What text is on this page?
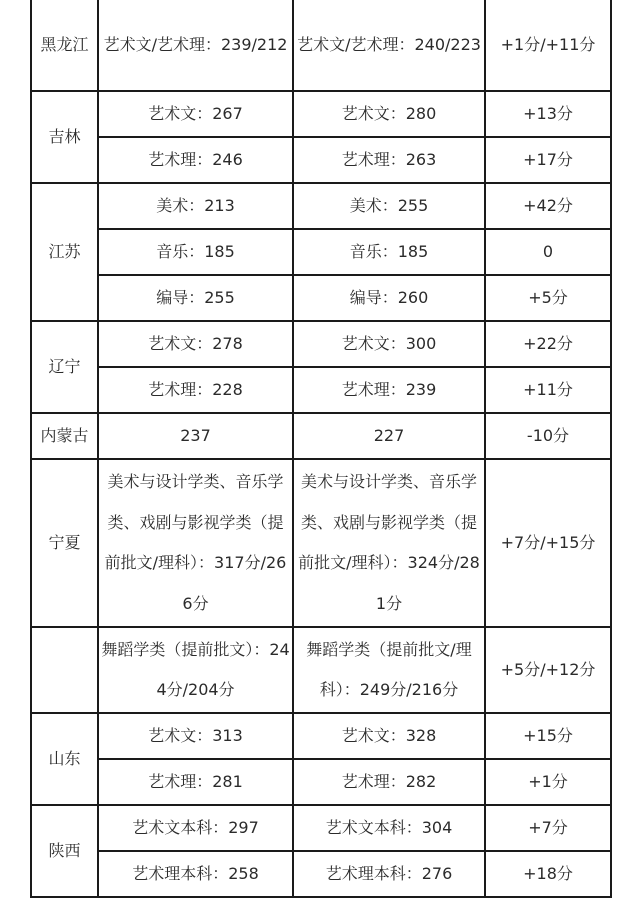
黑龙江	艺术文/艺术理：239/212	艺术文/艺术理：240/223	+1分/+11分
吉林	艺术文：267	艺术文：280	+13分
	艺术理：246	艺术理：263	+17分
江苏	美术：213	美术：255	+42分
	音乐：185	音乐：185	0
	编导：255	编导：260	+5分
辽宁	艺术文：278	艺术文：300	+22分
	艺术理：228	艺术理：239	+11分
内蒙古	237	227	-10分
宁夏	美术与设计学类、音乐学类、戏剧与影视学类（提前批文/理科）：317分/266分	美术与设计学类、音乐学类、戏剧与影视学类（提前批文/理科）：324分/281分	+7分/+15分
	舞蹈学类（提前批文）：244分/204分	舞蹈学类（提前批文/理科）：249分/216分	+5分/+12分
山东	艺术文：313	艺术文：328	+15分
	艺术理：281	艺术理：282	+1分
陕西	艺术文本科：297	艺术文本科：304	+7分
	艺术理本科：258	艺术理本科：276	+18分
